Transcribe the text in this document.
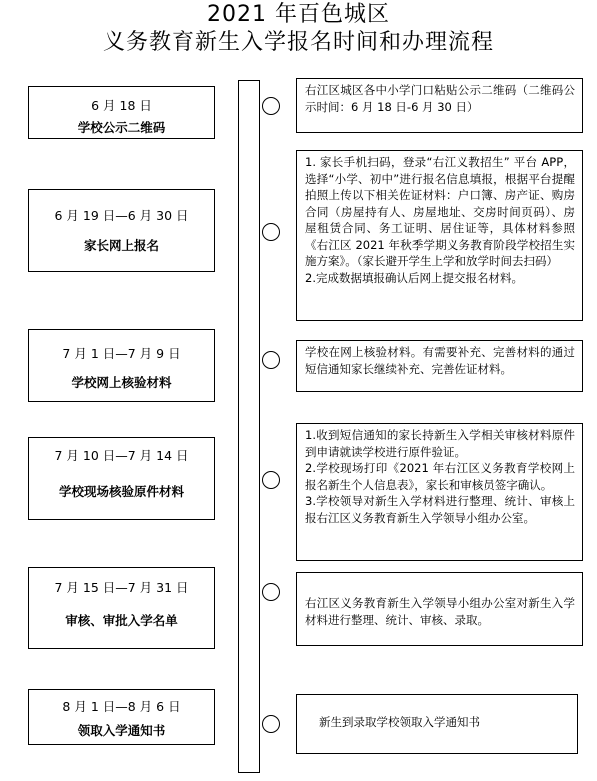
2021 年百色城区
义务教育新生入学报名时间和办理流程
6 月 18 日
学校公示二维码

右江区城区各中小学门口粘贴公示二维码（二维码公示时间：6 月 18 日-6 月 30 日）

6 月 19 日—6 月 30 日
家长网上报名

1. 家长手机扫码，登录“右江义教招生” 平台 APP，选择“小学、初中”进行报名信息填报，根据平台提醒拍照上传以下相关佐证材料：户口簿、房产证、购房合同（房屋持有人、房屋地址、交房时间页码）、房屋租赁合同、务工证明、居住证等，具体材料参照《右江区 2021 年秋季学期义务教育阶段学校招生实施方案》。（家长避开学生上学和放学时间去扫码）

2.完成数据填报确认后网上提交报名材料。

7 月 1 日—7 月 9 日
学校网上核验材料

学校在网上核验材料。有需要补充、完善材料的通过短信通知家长继续补充、完善佐证材料。

7 月 10 日—7 月 14 日
学校现场核验原件材料

1.收到短信通知的家长持新生入学相关审核材料原件到申请就读学校进行原件验证。

2.学校现场打印《2021 年右江区义务教育学校网上报名新生个人信息表》，家长和审核员签字确认。

3.学校领导对新生入学材料进行整理、统计、审核上报右江区义务教育新生入学领导小组办公室。

7 月 15 日—7 月 31 日
审核、审批入学名单

右江区义务教育新生入学领导小组办公室对新生入学材料进行整理、统计、审核、录取。

8 月 1 日—8 月 6 日
领取入学通知书

新生到录取学校领取入学通知书
